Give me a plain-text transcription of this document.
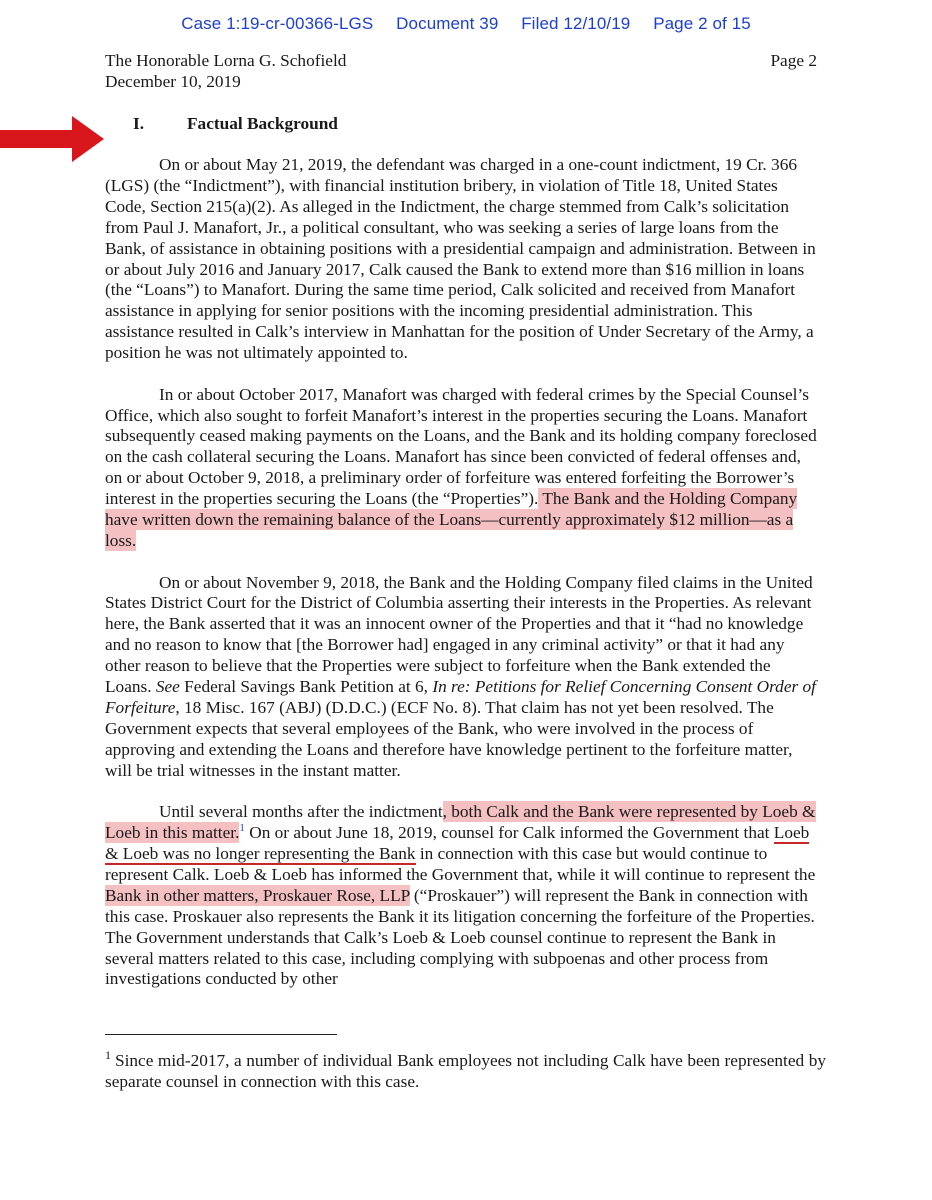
Case 1:19-cr-00366-LGS Document 39 Filed 12/10/19 Page 2 of 15
The Honorable Lorna G. Schofield	Page 2
December 10, 2019
I. Factual Background

On or about May 21, 2019, the defendant was charged in a one-count indictment, 19 Cr. 366 (LGS) (the “Indictment”), with financial institution bribery, in violation of Title 18, United States Code, Section 215(a)(2). As alleged in the Indictment, the charge stemmed from Calk’s solicitation from Paul J. Manafort, Jr., a political consultant, who was seeking a series of large loans from the Bank, of assistance in obtaining positions with a presidential campaign and administration. Between in or about July 2016 and January 2017, Calk caused the Bank to extend more than $16 million in loans (the “Loans”) to Manafort. During the same time period, Calk solicited and received from Manafort assistance in applying for senior positions with the incoming presidential administration. This assistance resulted in Calk’s interview in Manhattan for the position of Under Secretary of the Army, a position he was not ultimately appointed to.

In or about October 2017, Manafort was charged with federal crimes by the Special Counsel’s Office, which also sought to forfeit Manafort’s interest in the properties securing the Loans. Manafort subsequently ceased making payments on the Loans, and the Bank and its holding company foreclosed on the cash collateral securing the Loans. Manafort has since been convicted of federal offenses and, on or about October 9, 2018, a preliminary order of forfeiture was entered forfeiting the Borrower’s interest in the properties securing the Loans (the “Properties”). The Bank and the Holding Company have written down the remaining balance of the Loans—currently approximately $12 million—as a loss.

On or about November 9, 2018, the Bank and the Holding Company filed claims in the United States District Court for the District of Columbia asserting their interests in the Properties. As relevant here, the Bank asserted that it was an innocent owner of the Properties and that it “had no knowledge and no reason to know that [the Borrower had] engaged in any criminal activity” or that it had any other reason to believe that the Properties were subject to forfeiture when the Bank extended the Loans. See Federal Savings Bank Petition at 6, In re: Petitions for Relief Concerning Consent Order of Forfeiture, 18 Misc. 167 (ABJ) (D.D.C.) (ECF No. 8). That claim has not yet been resolved. The Government expects that several employees of the Bank, who were involved in the process of approving and extending the Loans and therefore have knowledge pertinent to the forfeiture matter, will be trial witnesses in the instant matter.

Until several months after the indictment, both Calk and the Bank were represented by Loeb & Loeb in this matter.$^1$ On or about June 18, 2019, counsel for Calk informed the Government that Loeb & Loeb was no longer representing the Bank in connection with this case but would continue to represent Calk. Loeb & Loeb has informed the Government that, while it will continue to represent the Bank in other matters, Proskauer Rose, LLP (“Proskauer”) will represent the Bank in connection with this case. Proskauer also represents the Bank it its litigation concerning the forfeiture of the Properties. The Government understands that Calk’s Loeb & Loeb counsel continue to represent the Bank in several matters related to this case, including complying with subpoenas and other process from investigations conducted by other

$^1$ Since mid-2017, a number of individual Bank employees not including Calk have been represented by separate counsel in connection with this case.
